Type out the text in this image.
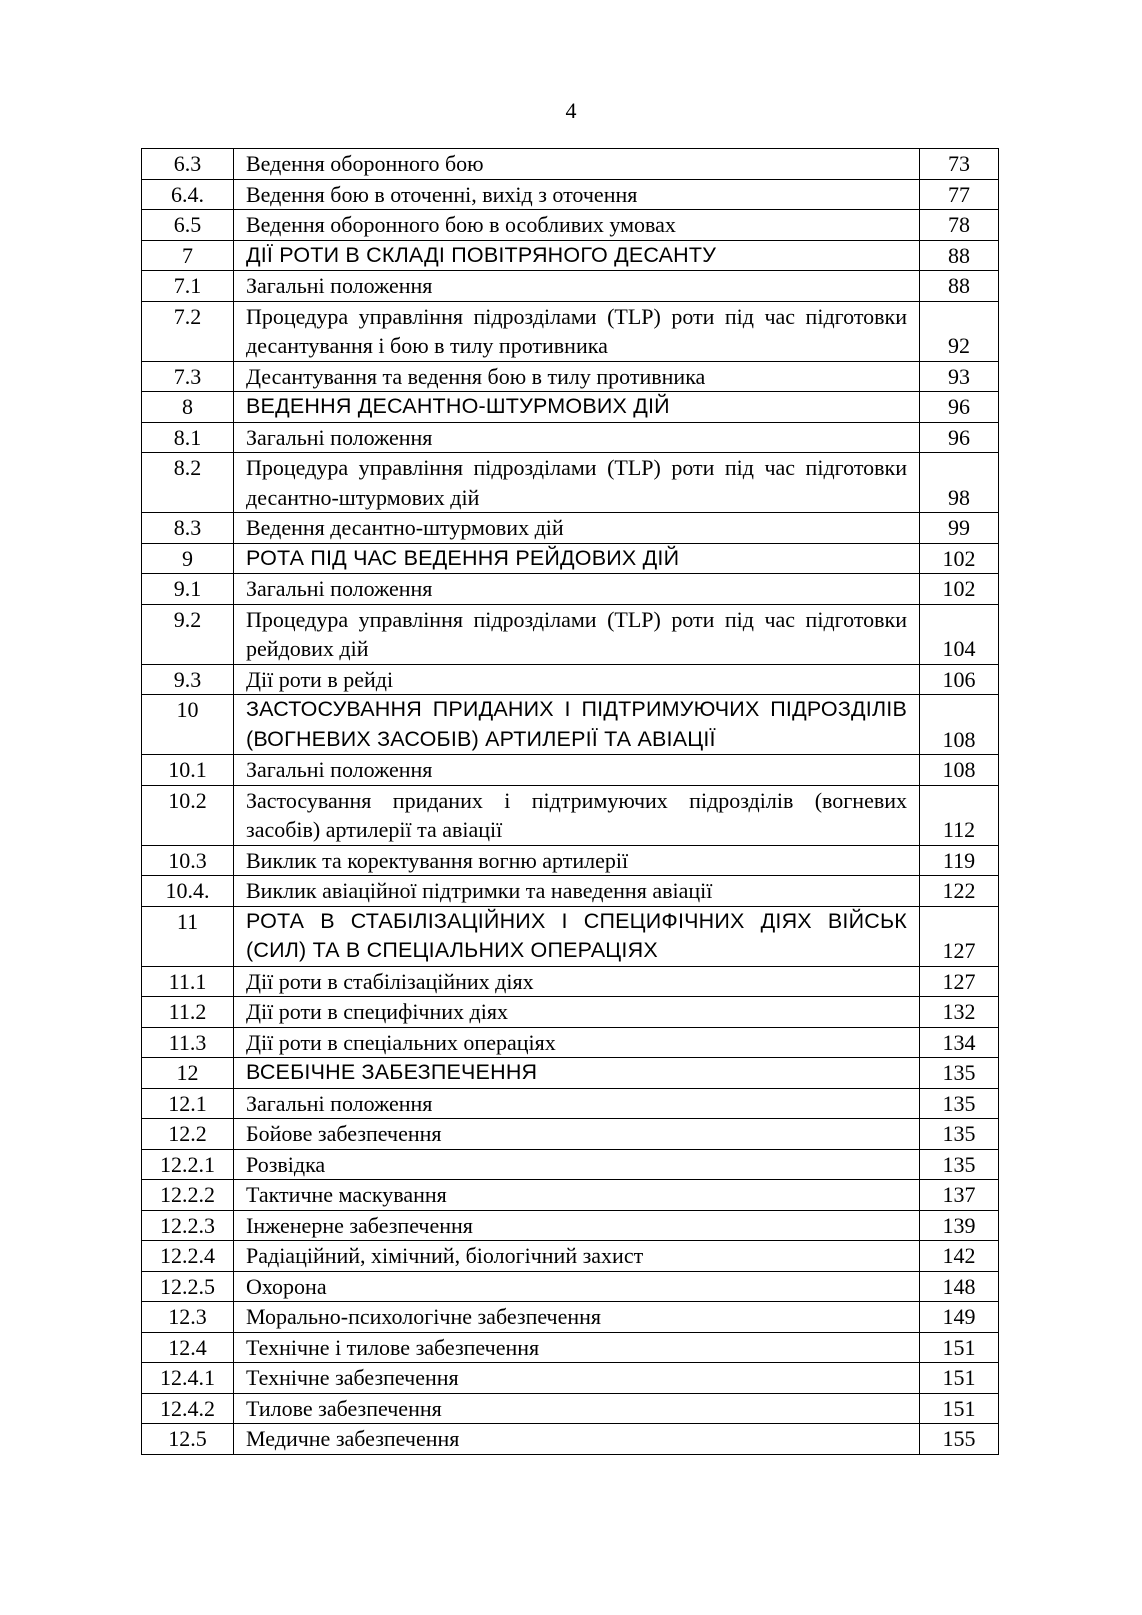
4
6.3	Ведення оборонного бою	73
6.4.	Ведення бою в оточенні, вихід з оточення	77
6.5	Ведення оборонного бою в особливих умовах	78
7	ДІЇ РОТИ В СКЛАДІ ПОВІТРЯНОГО ДЕСАНТУ	88
7.1	Загальні положення	88
7.2	Процедура управління підрозділами (TLP) роти під час підготовки десантування і бою в тилу противника	92
7.3	Десантування та ведення бою в тилу противника	93
8	ВЕДЕННЯ ДЕСАНТНО-ШТУРМОВИХ ДІЙ	96
8.1	Загальні положення	96
8.2	Процедура управління підрозділами (TLP) роти під час підготовки десантно-штурмових дій	98
8.3	Ведення десантно-штурмових дій	99
9	РОТА ПІД ЧАС ВЕДЕННЯ РЕЙДОВИХ ДІЙ	102
9.1	Загальні положення	102
9.2	Процедура управління підрозділами (TLP) роти під час підготовки рейдових дій	104
9.3	Дії роти в рейді	106
10	ЗАСТОСУВАННЯ ПРИДАНИХ І ПІДТРИМУЮЧИХ ПІДРОЗДІЛІВ (ВОГНЕВИХ ЗАСОБІВ) АРТИЛЕРІЇ ТА АВІАЦІЇ	108
10.1	Загальні положення	108
10.2	Застосування приданих і підтримуючих підрозділів (вогневих засобів) артилерії та авіації	112
10.3	Виклик та коректування вогню артилерії	119
10.4.	Виклик авіаційної підтримки та наведення авіації	122
11	РОТА В СТАБІЛІЗАЦІЙНИХ І СПЕЦИФІЧНИХ ДІЯХ ВІЙСЬК (СИЛ) ТА В СПЕЦІАЛЬНИХ ОПЕРАЦІЯХ	127
11.1	Дії роти в стабілізаційних діях	127
11.2	Дії роти в специфічних діях	132
11.3	Дії роти в спеціальних операціях	134
12	ВСЕБІЧНЕ ЗАБЕЗПЕЧЕННЯ	135
12.1	Загальні положення	135
12.2	Бойове забезпечення	135
12.2.1	Розвідка	135
12.2.2	Тактичне маскування	137
12.2.3	Інженерне забезпечення	139
12.2.4	Радіаційний, хімічний, біологічний захист	142
12.2.5	Охорона	148
12.3	Морально-психологічне забезпечення	149
12.4	Технічне і тилове забезпечення	151
12.4.1	Технічне забезпечення	151
12.4.2	Тилове забезпечення	151
12.5	Медичне забезпечення	155
